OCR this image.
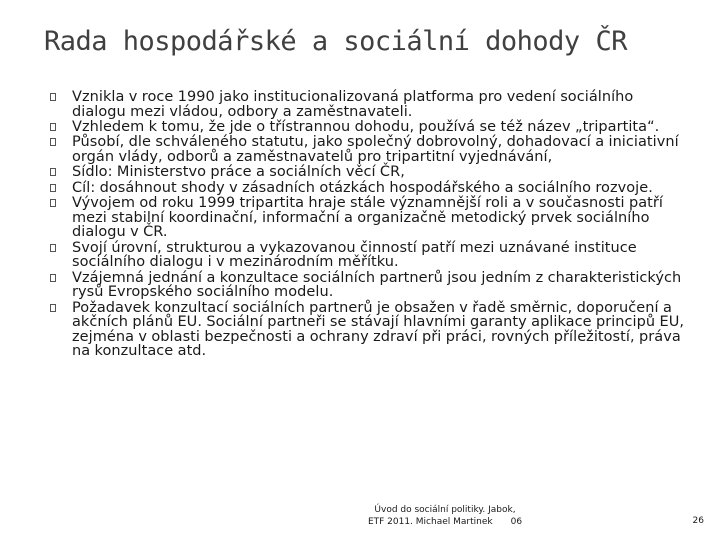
Rada hospodářské a sociální dohody ČR
Vznikla v roce 1990 jako institucionalizovaná platforma pro vedení sociálního dialogu mezi vládou, odbory a zaměstnavateli.
Vzhledem k tomu, že jde o třístrannou dohodu, používá se též název „tripartita“.
Působí, dle schváleného statutu, jako společný dobrovolný, dohadovací a iniciativní orgán vlády, odborů a zaměstnavatelů pro tripartitní vyjednávání,
Sídlo: Ministerstvo práce a sociálních věcí ČR,
Cíl: dosáhnout shody v zásadních otázkách hospodářského a sociálního rozvoje.
Vývojem od roku 1999 tripartita hraje stále významnější roli a v současnosti patří mezi stabilní koordinační, informační a organizačně metodický prvek sociálního dialogu v ČR.
Svojí úrovní, strukturou a vykazovanou činností patří mezi uznávané instituce sociálního dialogu i v mezinárodním měřítku.
Vzájemná jednání a konzultace sociálních partnerů jsou jedním z charakteristických rysů Evropského sociálního modelu.
Požadavek konzultací sociálních partnerů je obsažen v řadě směrnic, doporučení a akčních plánů EU. Sociální partneři se stávají hlavními garanty aplikace principů EU, zejména v oblasti bezpečnosti a ochrany zdraví při práci, rovných příležitostí, práva na konzultace atd.
Úvod do sociální politiky. Jabok,
ETF 2011. Michael Martinek 06	26
